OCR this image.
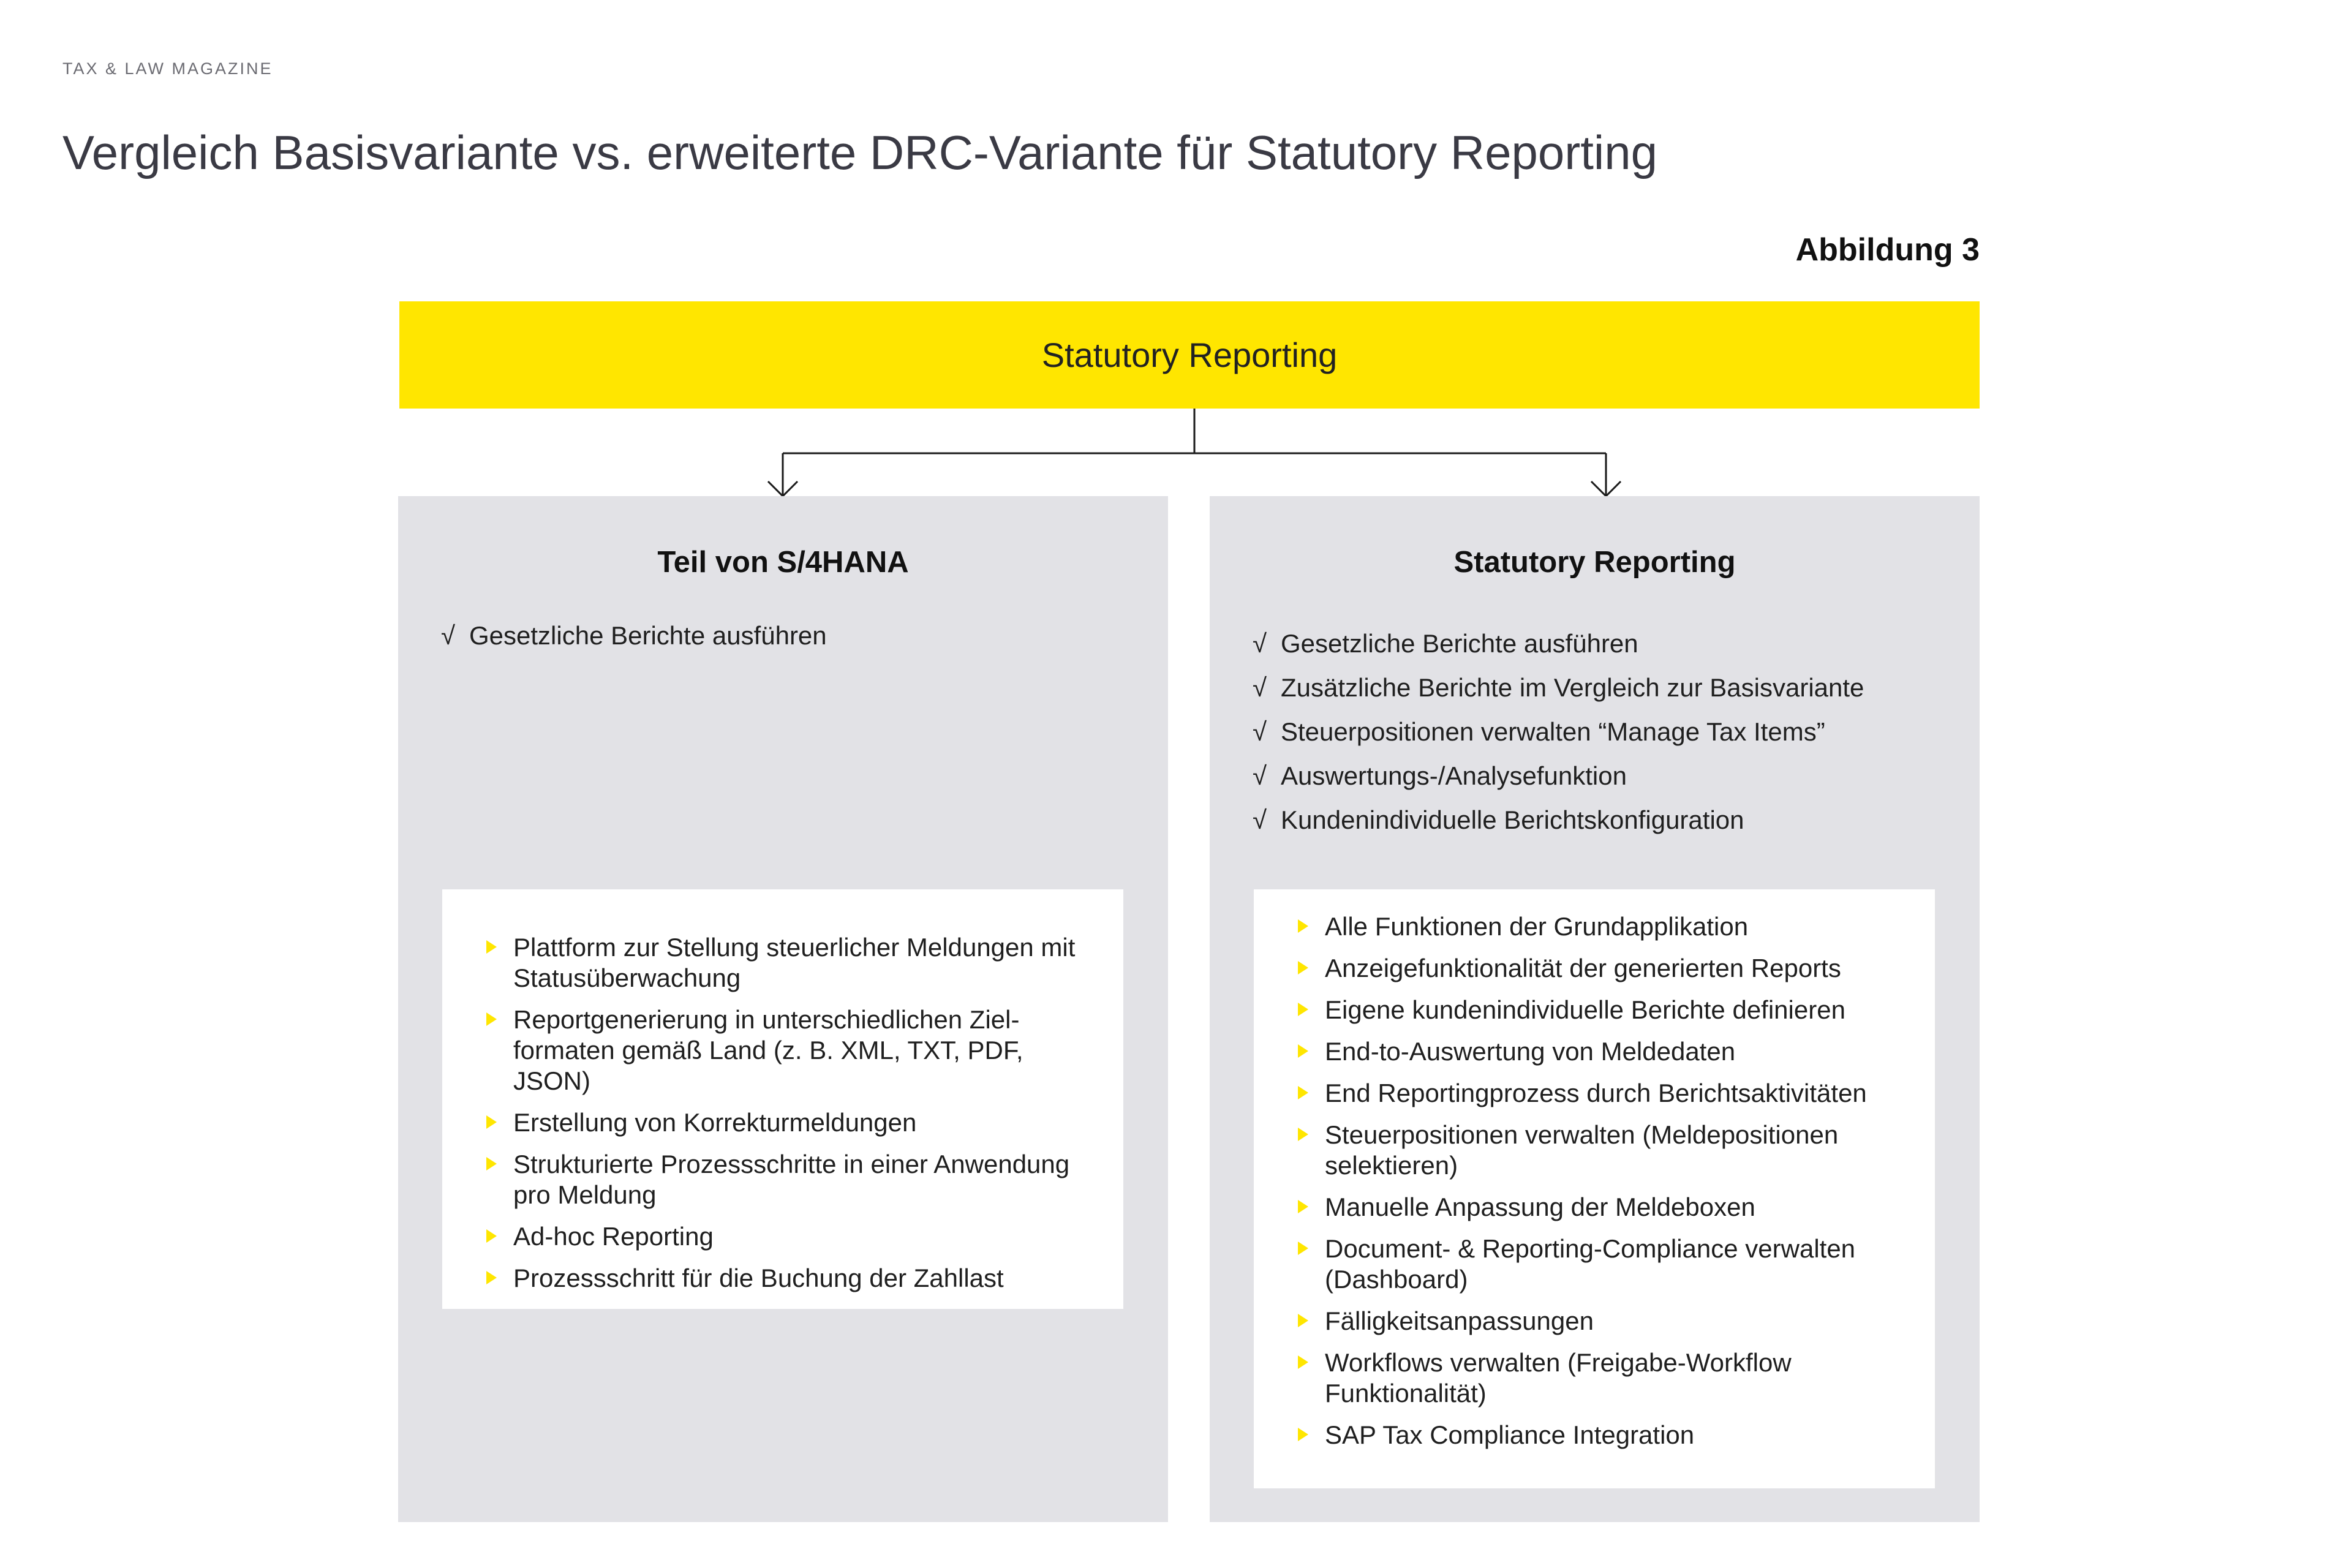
TAX & LAW MAGAZINE
Vergleich Basisvariante vs. erweiterte DRC-Variante für Statutory Reporting
Abbildung 3
Statutory Reporting
Teil von S/4HANA
√ Gesetzliche Berichte ausführen
Plattform zur Stellung steuerlicher Meldungen mit Statusüberwachung
Reportgenerierung in unterschiedlichen Zielformaten gemäß Land (z. B. XML, TXT, PDF, JSON)
Erstellung von Korrekturmeldungen
Strukturierte Prozessschritte in einer Anwendung pro Meldung
Ad-hoc Reporting
Prozessschritt für die Buchung der Zahllast
Statutory Reporting
√ Gesetzliche Berichte ausführen
√ Zusätzliche Berichte im Vergleich zur Basisvariante
√ Steuerpositionen verwalten “Manage Tax Items”
√ Auswertungs-/Analysefunktion
√ Kundenindividuelle Berichtskonfiguration
Alle Funktionen der Grundapplikation
Anzeigefunktionalität der generierten Reports
Eigene kundenindividuelle Berichte definieren
End-to-Auswertung von Meldedaten
End Reportingprozess durch Berichtsaktivitäten
Steuerpositionen verwalten (Meldepositionen selektieren)
Manuelle Anpassung der Meldeboxen
Document- & Reporting-Compliance verwalten (Dashboard)
Fälligkeitsanpassungen
Workflows verwalten (Freigabe-Workflow Funktionalität)
SAP Tax Compliance Integration
